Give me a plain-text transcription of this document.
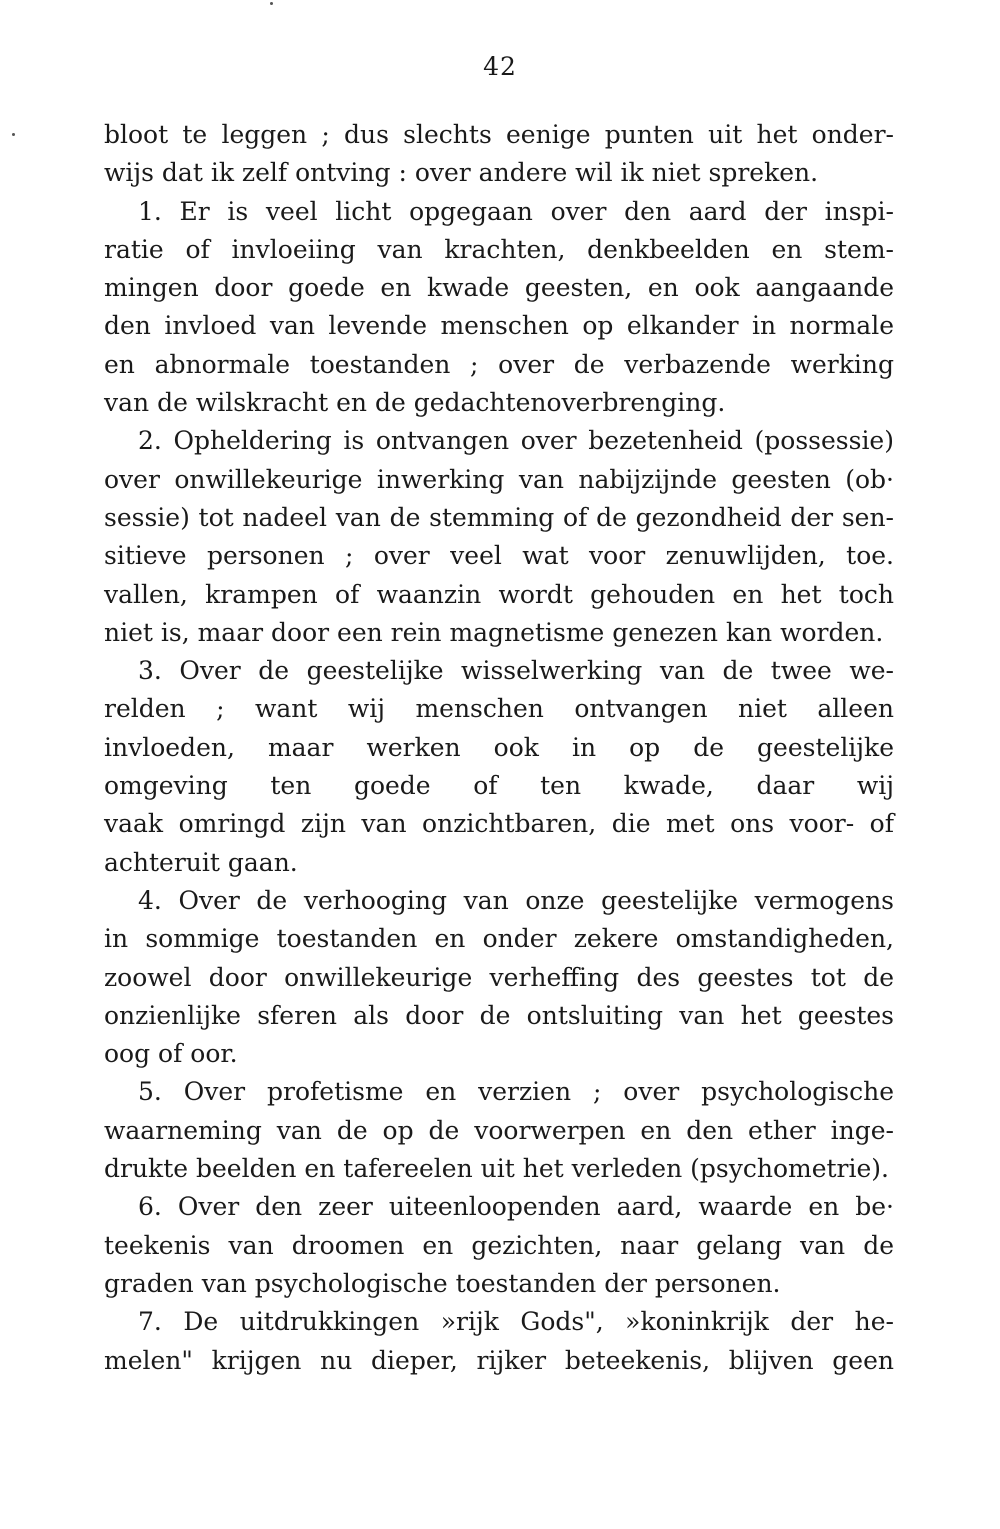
42
bloot te leggen ; dus slechts eenige punten uit het onder-
wijs dat ik zelf ontving : over andere wil ik niet spreken.
1. Er is veel licht opgegaan over den aard der inspi-
ratie of invloeiing van krachten, denkbeelden en stem-
mingen door goede en kwade geesten, en ook aangaande
den invloed van levende menschen op elkander in normale
en abnormale toestanden ; over de verbazende werking
van de wilskracht en de gedachtenoverbrenging.
2. Opheldering is ontvangen over bezetenheid (possessie)
over onwillekeurige inwerking van nabijzijnde geesten (ob·
sessie) tot nadeel van de stemming of de gezondheid der sen-
sitieve personen ; over veel wat voor zenuwlijden, toe.
vallen, krampen of waanzin wordt gehouden en het toch
niet is, maar door een rein magnetisme genezen kan worden.
3. Over de geestelijke wisselwerking van de twee we-
relden ; want wij menschen ontvangen niet alleen
invloeden, maar werken ook in op de geestelijke
omgeving ten goede of ten kwade, daar wij
vaak omringd zijn van onzichtbaren, die met ons voor- of
achteruit gaan.
4. Over de verhooging van onze geestelijke vermogens
in sommige toestanden en onder zekere omstandigheden,
zoowel door onwillekeurige verheffing des geestes tot de
onzienlijke sferen als door de ontsluiting van het geestes
oog of oor.
5. Over profetisme en verzien ; over psychologische
waarneming van de op de voorwerpen en den ether inge-
drukte beelden en tafereelen uit het verleden (psychometrie).
6. Over den zeer uiteenloopenden aard, waarde en be·
teekenis van droomen en gezichten, naar gelang van de
graden van psychologische toestanden der personen.
7. De uitdrukkingen »rijk Gods", »koninkrijk der he-
melen" krijgen nu dieper, rijker beteekenis, blijven geen
